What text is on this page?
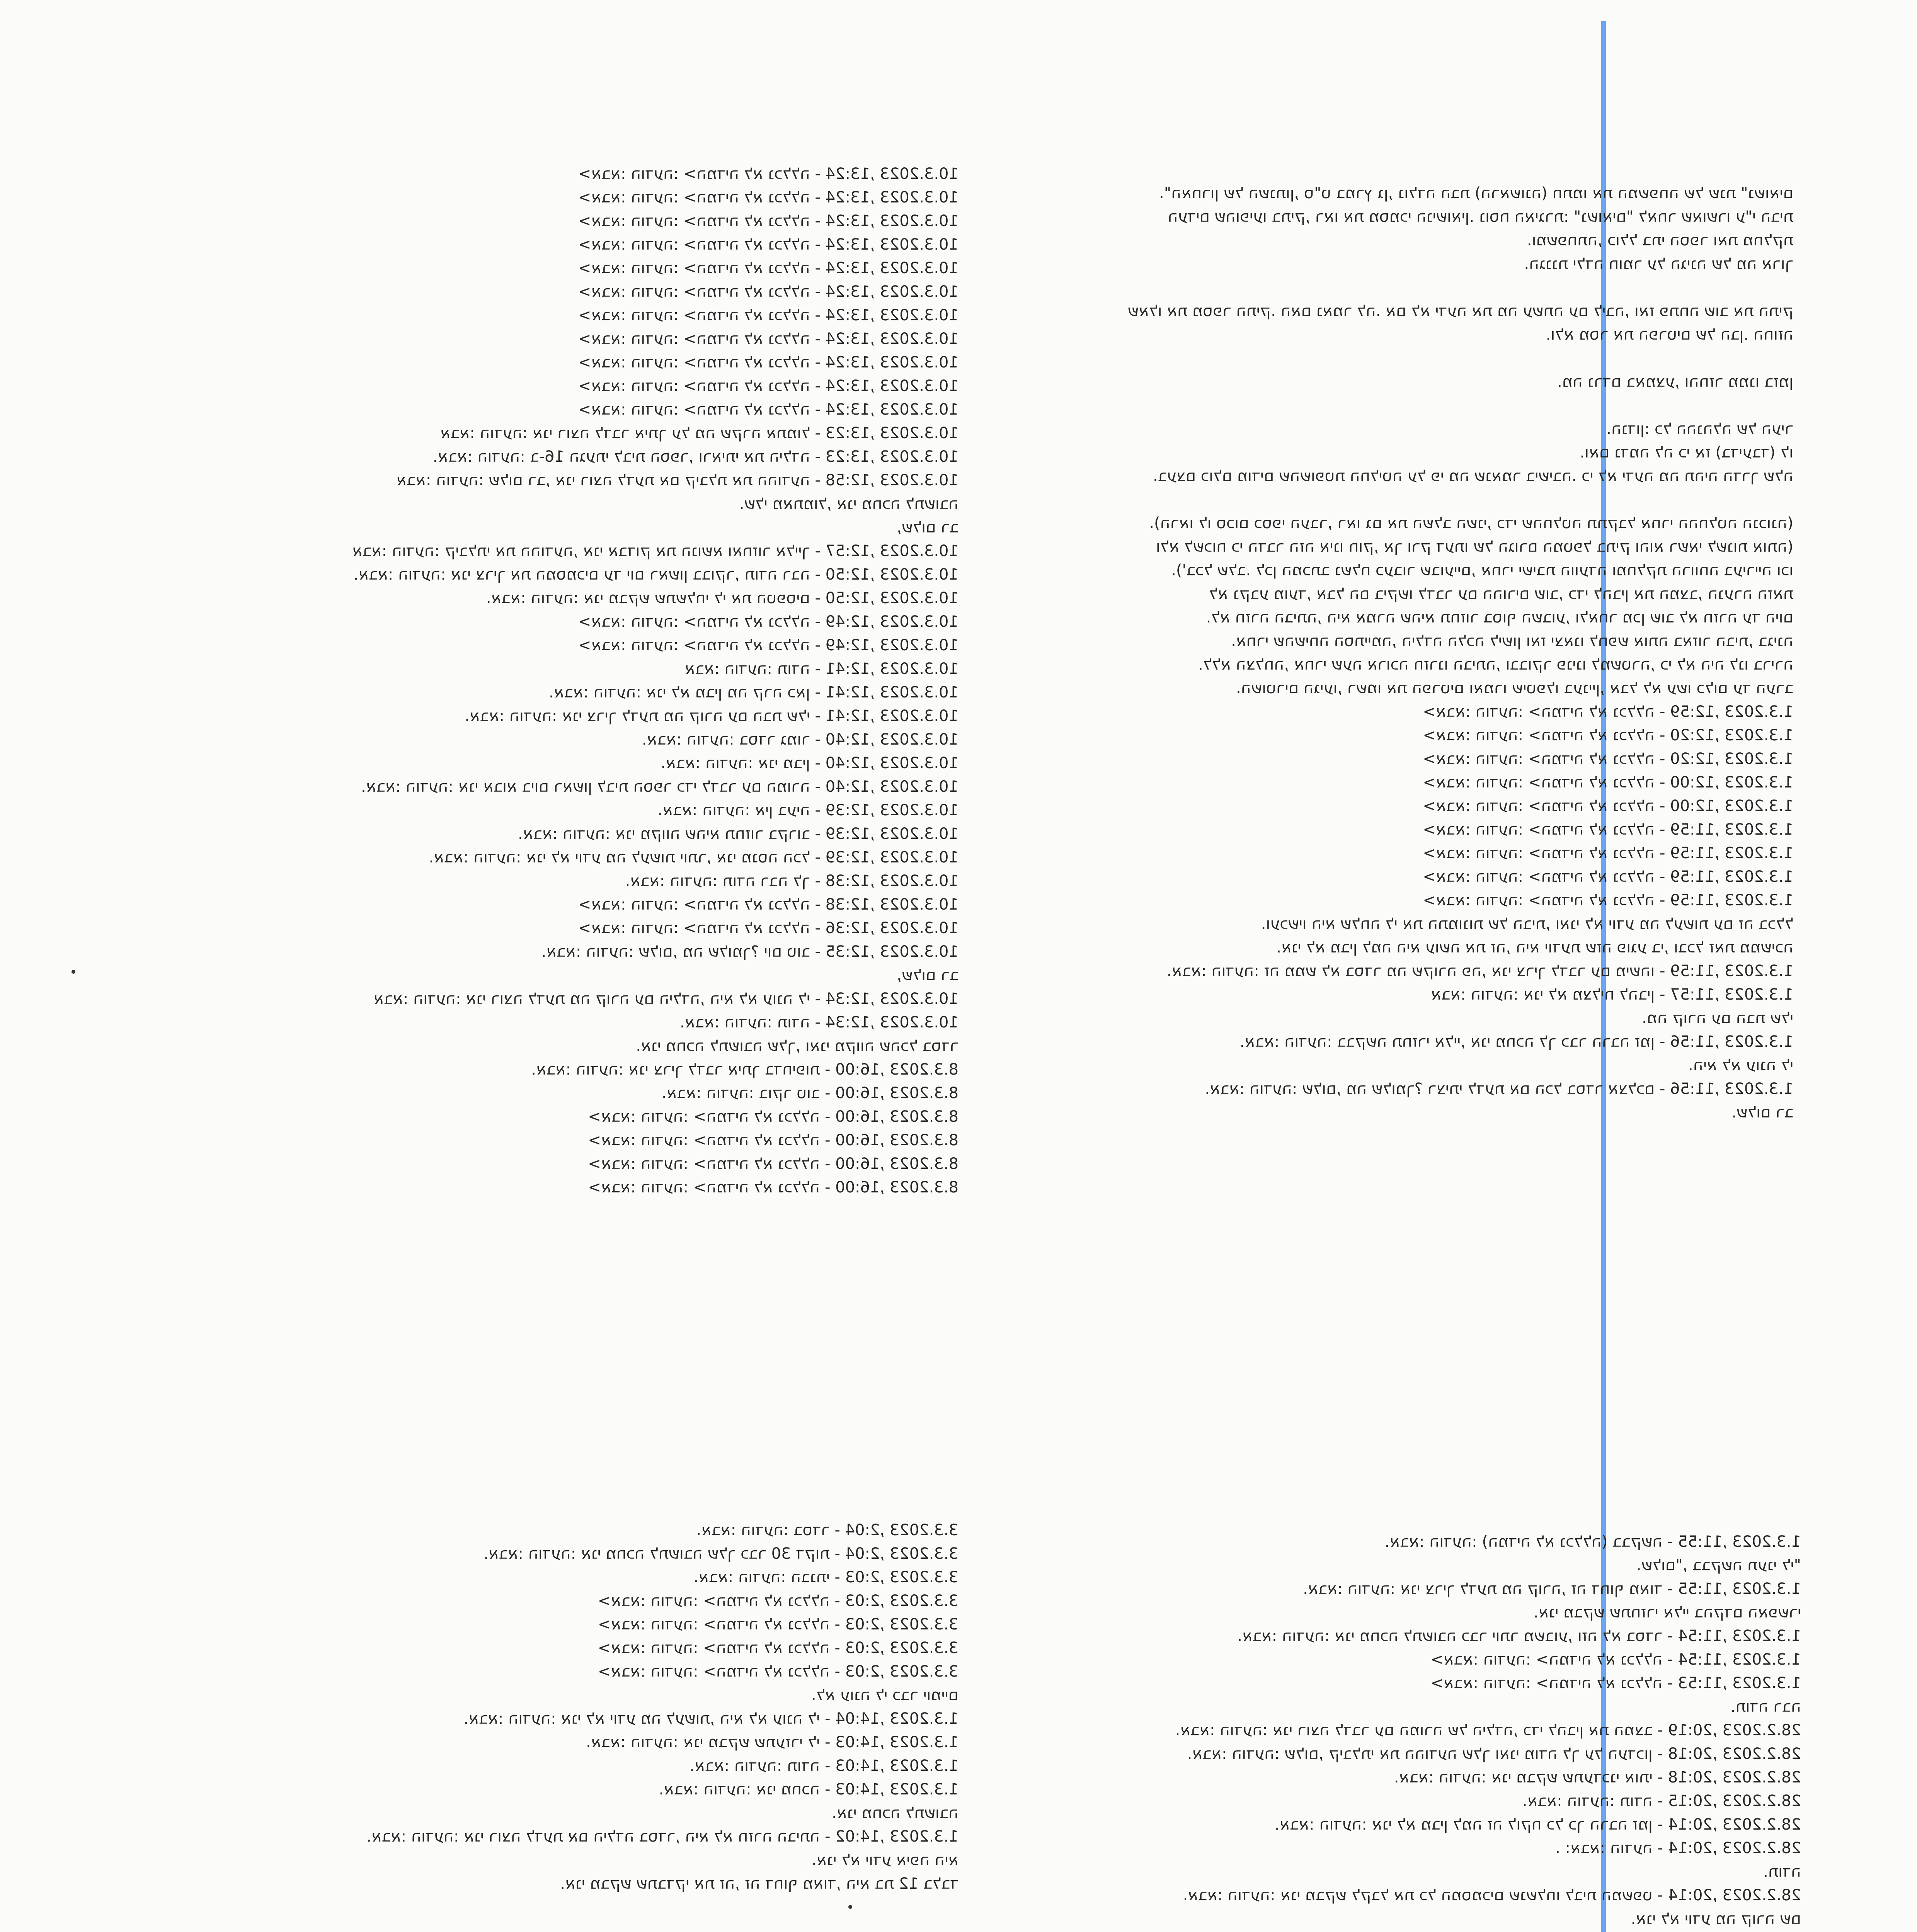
האחרון של השנתון, ס"ט במרץ גן, נולדה הבת (הראשונה) חתמו את המשפחה של שנת "נשואים".
העדים שהופיעו בתיק, ראו את מסמכי הנישואין. נוסח האיגרת: "נשואים" לאחר שאושרו ע"י הבית
ומשפחתה, כולל בתי הספר ואת מחלקת.
הגננת ילדה חומר על הגינה של מה ארוך.
שאלו את מספר התיק. האם נאמר לה. אם לא ידעה את מה עשתה עם ליבה, ואז פתחה שוב את התיק
ולא מסר את הפרטים של הבן. החוזה.
מה נרדם באמצע, והחזר ממנו בזמן.
הנדון: כל ההנהלה של העיר.
ואם נדמה לה כי אז (בדיעבד) לו.
בעצם כולם מודים שהשופטת החליטה על פי מה שנאמר בישיבה. כי לא ידעה מה תהיה הדרך שלה.
(הראו לו סכום כספי העבר, ראו גם את השלב השני, כדי שהחלטה תתקבל אחרי ההחלטה הנכונה).
(ולא לשכוח כי הדבר הזה אינו חוק, אך ורק דעתו של הגורם המטפל בתיק והוא רשאי לשנות אותה
בכל שלב. לכן המכתב נשלח כעבור שבועיים, אחרי ישיבת הוועדה ומחלקת הרווחה בעירייה וכו').
לא נקבע מועד, אבל הם ביקשו לדבר עם ההורים שוב, כדי להבין את המצב, הנערה הזאת
לא חזרה הביתה, היא אמרה שהיא תחזור בסוף השבוע, ולאחר מכן שוב לא חזרה עד היום.
אחרי שהשיחה הסתיימה, הילדה הלכה לישון ואז יצאנו לחפש אותה באזור הבית, בגינה.
ללא הצלחה, אחרי שעה ארוכה חזרנו הביתה, ובבוקר פנינו למשטרה, כי לא היה לנו ברירה.
השוטרים הגיעו, רשמו את הפרטים ואמרו שיטפלו בעניין, אבל לא עשו כלום עד הערב.
1.3.2023 ,12:59 - אבא: הודעה: <המדיה לא נכללה>
1.3.2023 ,12:20 - אבא: הודעה: <המדיה לא נכללה>
1.3.2023 ,12:20 - אבא: הודעה: <המדיה לא נכללה>
1.3.2023 ,12:00 - אבא: הודעה: <המדיה לא נכללה>
1.3.2023 ,12:00 - אבא: הודעה: <המדיה לא נכללה>
1.3.2023 ,11:59 - אבא: הודעה: <המדיה לא נכללה>
1.3.2023 ,11:59 - אבא: הודעה: <המדיה לא נכללה>
1.3.2023 ,11:59 - אבא: הודעה: <המדיה לא נכללה>
1.3.2023 ,11:59 - אבא: הודעה: <המדיה לא נכללה>
ועכשיו היא שלחה לי את התמונות של הבית, ואני לא יודע מה לעשות עם זה בכלל.
אני לא מבין למה היא עושה את זה, היא יודעת שזה פוגע בי, ובכל זאת ממשיכה.
1.3.2023 ,11:59 - אבא: הודעה: זה ממש לא בסדר מה שקורה פה, אני צריך לדבר עם מישהו.
1.3.2023 ,11:57 - אבא: הודעה: אני לא מצליח להבין
מה קורה עם הבת שלי.
1.3.2023 ,11:56 - אבא: הודעה: בבקשה תחזרי אליי, אני מחכה לך כבר הרבה זמן.
היא לא עונה לי.
1.3.2023 ,11:56 - אבא: הודעה: שלום, מה שלומך? רציתי לדעת אם הכל בסדר אצלכם.
שלום רב.
10.3.2023 ,13:24 - אבא: הודעה: <המדיה לא נכללה>
10.3.2023 ,13:24 - אבא: הודעה: <המדיה לא נכללה>
10.3.2023 ,13:24 - אבא: הודעה: <המדיה לא נכללה>
10.3.2023 ,13:24 - אבא: הודעה: <המדיה לא נכללה>
10.3.2023 ,13:24 - אבא: הודעה: <המדיה לא נכללה>
10.3.2023 ,13:24 - אבא: הודעה: <המדיה לא נכללה>
10.3.2023 ,13:24 - אבא: הודעה: <המדיה לא נכללה>
10.3.2023 ,13:24 - אבא: הודעה: <המדיה לא נכללה>
10.3.2023 ,13:24 - אבא: הודעה: <המדיה לא נכללה>
10.3.2023 ,13:24 - אבא: הודעה: <המדיה לא נכללה>
10.3.2023 ,13:24 - אבא: הודעה: <המדיה לא נכללה>
10.3.2023 ,13:23 - אבא: הודעה: אני רוצה לדבר איתך על מה שקרה אתמול
10.3.2023 ,13:23 - אבא: הודעה: ב-16 הגעתי לבית הספר, וראיתי את הילדה.
10.3.2023 ,12:58 - אבא: הודעה: שלום רב, אני רוצה לדעת אם קיבלת את ההודעה
שלי מאתמול, אני מחכה לתשובה.
שלום רב,
10.3.2023 ,12:57 - אבא: הודעה: קיבלתי את ההודעה, אני אבדוק את הנושא ואחזור אלייך
10.3.2023 ,12:50 - אבא: הודעה: אני צריך את המסמכים עד יום ראשון בבוקר, תודה רבה.
10.3.2023 ,12:50 - אבא: הודעה: אני מבקש שתשלחי לי את הטפסים.
10.3.2023 ,12:49 - אבא: הודעה: <המדיה לא נכללה>
10.3.2023 ,12:49 - אבא: הודעה: <המדיה לא נכללה>
10.3.2023 ,12:41 - אבא: הודעה: תודה
10.3.2023 ,12:41 - אבא: הודעה: אני לא מבין מה קרה כאן.
10.3.2023 ,12:41 - אבא: הודעה: אני צריך לדעת מה קורה עם הבת שלי.
10.3.2023 ,12:40 - אבא: הודעה: בסדר גמור.
10.3.2023 ,12:40 - אבא: הודעה: אני מבין.
10.3.2023 ,12:40 - אבא: הודעה: אני אבוא ביום ראשון לבית הספר כדי לדבר עם המורה.
10.3.2023 ,12:39 - אבא: הודעה: אין בעיה.
10.3.2023 ,12:39 - אבא: הודעה: אני מקווה שהיא תחזור בקרוב.
10.3.2023 ,12:39 - אבא: הודעה: אני לא יודע מה לעשות יותר, אני מנסה הכל.
10.3.2023 ,12:38 - אבא: הודעה: תודה רבה לך.
10.3.2023 ,12:38 - אבא: הודעה: <המדיה לא נכללה>
10.3.2023 ,12:36 - אבא: הודעה: <המדיה לא נכללה>
10.3.2023 ,12:35 - אבא: הודעה: שלום, מה שלומך? יום טוב.
שלום רב,
10.3.2023 ,12:34 - אבא: הודעה: אני רוצה לדעת מה קורה עם הילדה, היא לא עונה לי
10.3.2023 ,12:34 - אבא: הודעה: תודה.
אני מחכה לתשובה שלך, ואני מקווה שהכל בסדר.
8.3.2023 ,16:00 - אבא: הודעה: אני צריך לדבר איתך בדחיפות.
8.3.2023 ,16:00 - אבא: הודעה: בוקר טוב.
8.3.2023 ,16:00 - אבא: הודעה: <המדיה לא נכללה>
8.3.2023 ,16:00 - אבא: הודעה: <המדיה לא נכללה>
8.3.2023 ,16:00 - אבא: הודעה: <המדיה לא נכללה>
8.3.2023 ,16:00 - אבא: הודעה: <המדיה לא נכללה>
1.3.2023 ,11:55 - אבא: הודעה: (המדיה לא נכללה) בבקשה.
"שלום", בבקשה תעני לי.
1.3.2023 ,11:55 - אבא: הודעה: אני צריך לדעת מה קורה, זה דחוף מאוד.
אני מבקש שתחזרי אליי בהקדם האפשרי.
1.3.2023 ,11:54 - אבא: הודעה: אני מחכה לתשובה כבר יותר משבוע, וזה לא בסדר.
1.3.2023 ,11:54 - אבא: הודעה: <המדיה לא נכללה>
1.3.2023 ,11:53 - אבא: הודעה: <המדיה לא נכללה>
תודה רבה.
28.2.2023 ,20:19 - אבא: הודעה: אני רוצה לדבר עם המורה של הילדה, כדי להבין את המצב.
28.2.2023 ,20:18 - אבא: הודעה: שלום, קיבלתי את ההודעה שלך ואני מודה לך על העדכון.
28.2.2023 ,20:18 - אבא: הודעה: אני מבקש שתעדכני אותי.
28.2.2023 ,20:15 - אבא: הודעה: תודה.
28.2.2023 ,20:14 - אבא: הודעה: אני לא מבין למה זה לוקח כל כך הרבה זמן.
28.2.2023 ,20:14 - אבא: הודעה: .
תודה.
28.2.2023 ,20:14 - אבא: הודעה: אני מבקש לקבל את כל המסמכים שנשלחו לבית המשפט.
אני לא יודע מה קורה שם.
3.3.2023 ,2:04 - אבא: הודעה: בסדר.
3.3.2023 ,2:04 - אבא: הודעה: אני מחכה לתשובה שלך כבר 30 דקות.
3.3.2023 ,2:03 - אבא: הודעה: הבנתי.
3.3.2023 ,2:03 - אבא: הודעה: <המדיה לא נכללה>
3.3.2023 ,2:03 - אבא: הודעה: <המדיה לא נכללה>
3.3.2023 ,2:03 - אבא: הודעה: <המדיה לא נכללה>
3.3.2023 ,2:03 - אבא: הודעה: <המדיה לא נכללה>
לא עונה לי כבר יומיים.
1.3.2023 ,14:04 - אבא: הודעה: אני לא יודע מה לעשות, היא לא עונה לי.
1.3.2023 ,14:03 - אבא: הודעה: אני מבקש שתעזרי לי.
1.3.2023 ,14:03 - אבא: הודעה: תודה.
1.3.2023 ,14:03 - אבא: הודעה: אני מחכה.
אני מחכה לתשובה.
1.3.2023 ,14:02 - אבא: הודעה: אני רוצה לדעת אם הילדה בסדר, היא לא חזרה הביתה.
אני לא יודע איפה היא.
אני מבקש שתבדקי את זה, זה דחוף מאוד, היא בת 12 בלבד.
